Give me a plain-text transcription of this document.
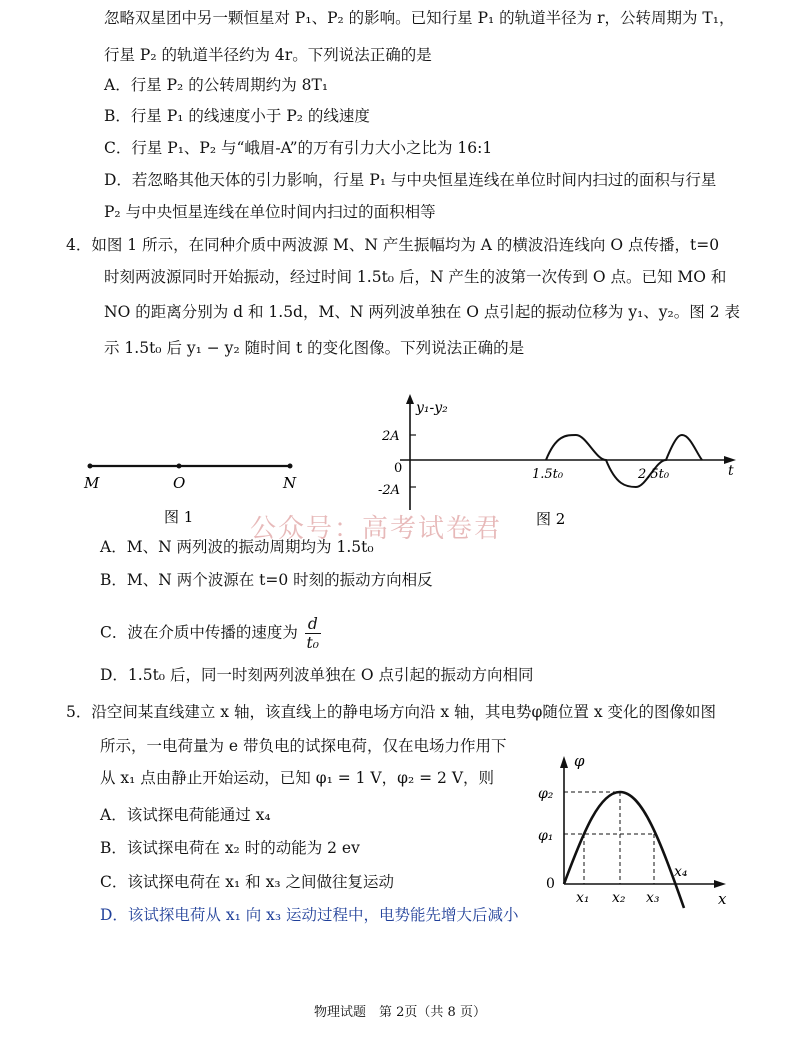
忽略双星团中另一颗恒星对 P₁、P₂ 的影响。已知行星 P₁ 的轨道半径为 r，公转周期为 T₁，
行星 P₂ 的轨道半径约为 4r。下列说法正确的是
A．行星 P₂ 的公转周期约为 8T₁
B．行星 P₁ 的线速度小于 P₂ 的线速度
C．行星 P₁、P₂ 与“峨眉-A”的万有引力大小之比为 16:1
D．若忽略其他天体的引力影响，行星 P₁ 与中央恒星连线在单位时间内扫过的面积与行星
P₂ 与中央恒星连线在单位时间内扫过的面积相等
4．如图 1 所示，在同种介质中两波源 M、N 产生振幅均为 A 的横波沿连线向 O 点传播，t=0
时刻两波源同时开始振动，经过时间 1.5t₀ 后，N 产生的波第一次传到 O 点。已知 MO 和
NO 的距离分别为 d 和 1.5d，M、N 两列波单独在 O 点引起的振动位移为 y₁、y₂。图 2 表
示 1.5t₀ 后 y₁ − y₂ 随时间 t 的变化图像。下列说法正确的是
M	O	N
图 1
y₁-y₂
2A
0
-2A
1.5t₀	2.5t₀	t
图 2
公众号：高考试卷君
A．M、N 两列波的振动周期均为 1.5t₀
B．M、N 两个波源在 t=0 时刻的振动方向相反
C．波在介质中传播的速度为 $\frac{d}{\text{t₀}}$
D．1.5t₀ 后，同一时刻两列波单独在 O 点引起的振动方向相同
5．沿空间某直线建立 x 轴，该直线上的静电场方向沿 x 轴，其电势φ随位置 x 变化的图像如图
所示，一电荷量为 e 带负电的试探电荷，仅在电场力作用下
从 x₁ 点由静止开始运动，已知 φ₁ = 1 V，φ₂ = 2 V，则
A．该试探电荷能通过 x₄
B．该试探电荷在 x₂ 时的动能为 2 ev
C．该试探电荷在 x₁ 和 x₃ 之间做往复运动
D．该试探电荷从 x₁ 向 x₃ 运动过程中，电势能先增大后减小
φ
φ₂
φ₁
0
x₁ x₂ x₃
x₄
x
物理试题　第 2页（共 8 页）
